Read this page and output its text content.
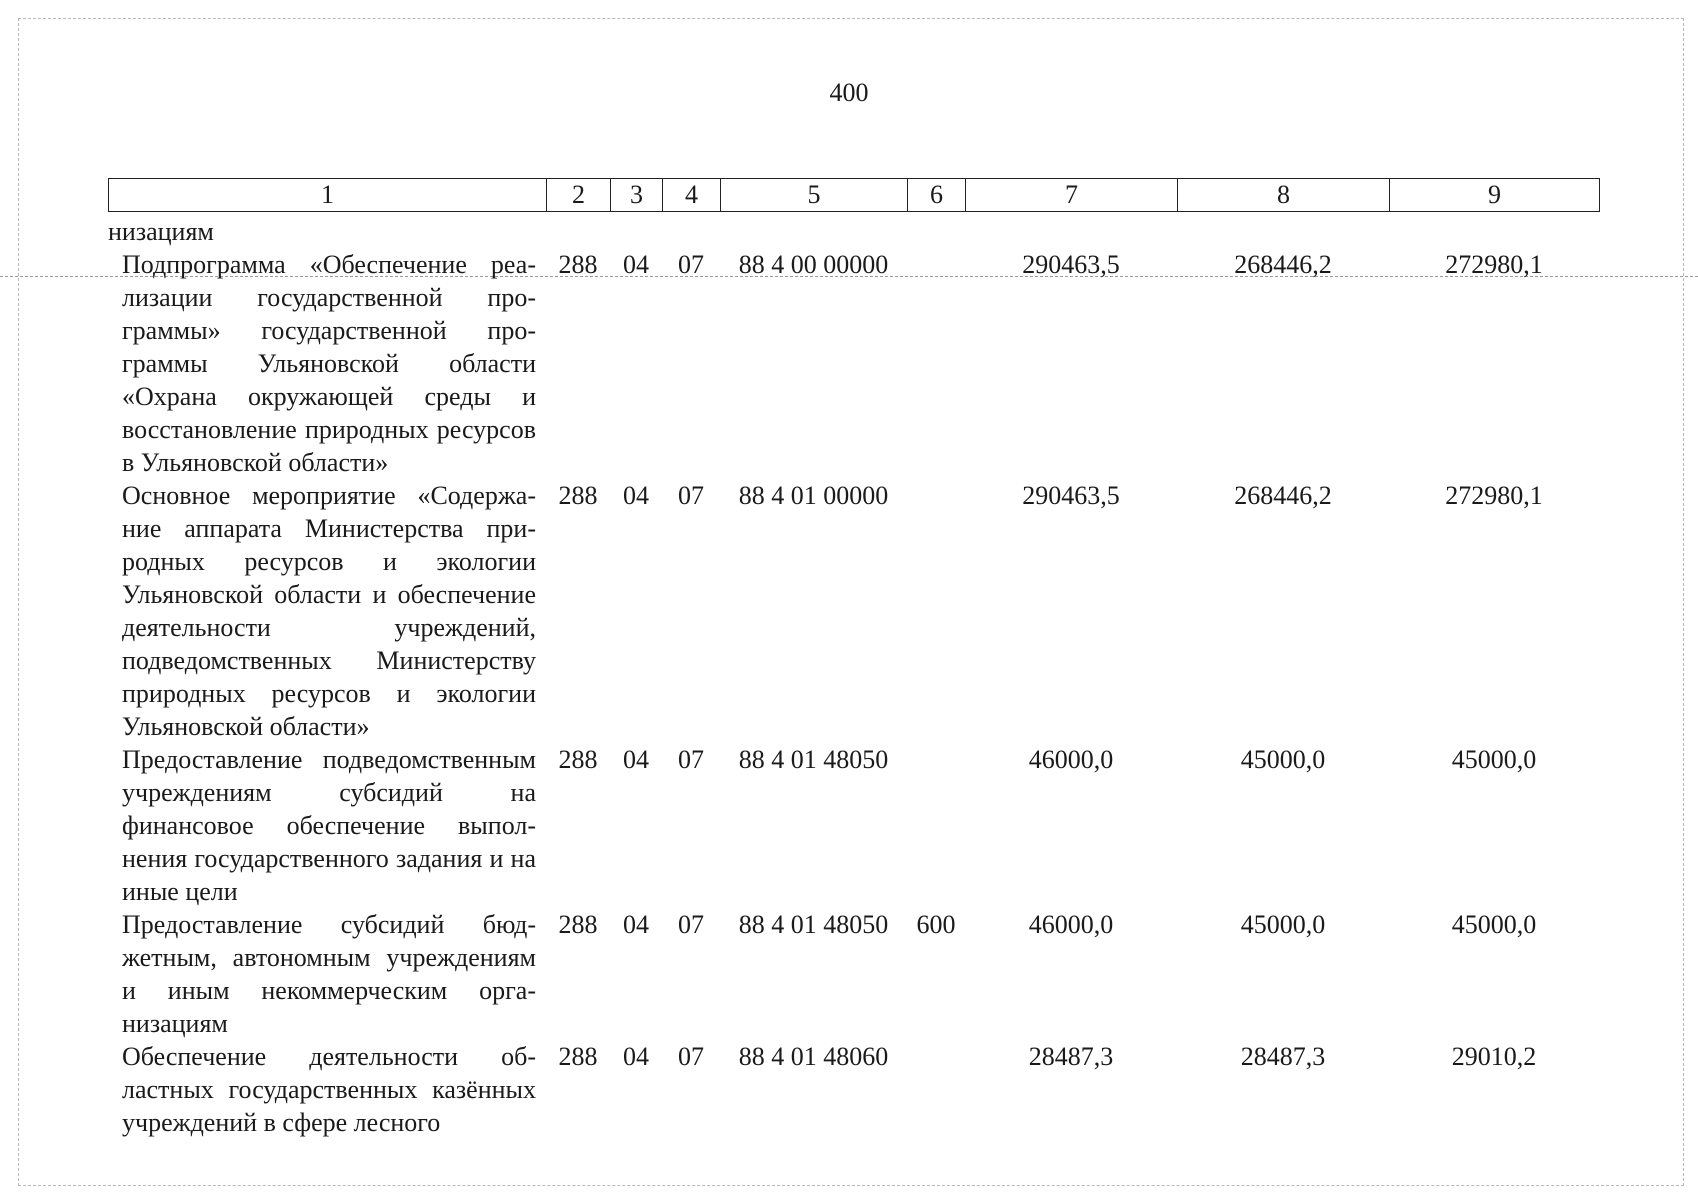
400
1	2	3	4	5	6	7	8	9
низациям								
Подпрограмма «Обеспечение реализации государственной программы» государственной программы Ульяновской области «Охрана окружающей среды и восстановление природных ресурсов в Ульяновской области»	288	04	07	88 4 00 00000		290463,5	268446,2	272980,1
Основное мероприятие «Содержание аппарата Министерства природных ресурсов и экологии Ульяновской области и обеспечение деятельности учреждений, подведомственных Министерству природных ресурсов и экологии Ульяновской области»	288	04	07	88 4 01 00000		290463,5	268446,2	272980,1
Предоставление подведомственным учреждениям субсидий на финансовое обеспечение выполнения государственного задания и на иные цели	288	04	07	88 4 01 48050		46000,0	45000,0	45000,0
Предоставление субсидий бюджетным, автономным учреждениям и иным некоммерческим организациям	288	04	07	88 4 01 48050	600	46000,0	45000,0	45000,0
Обеспечение деятельности областных государственных казённых учреждений в сфере лесного	288	04	07	88 4 01 48060		28487,3	28487,3	29010,2
